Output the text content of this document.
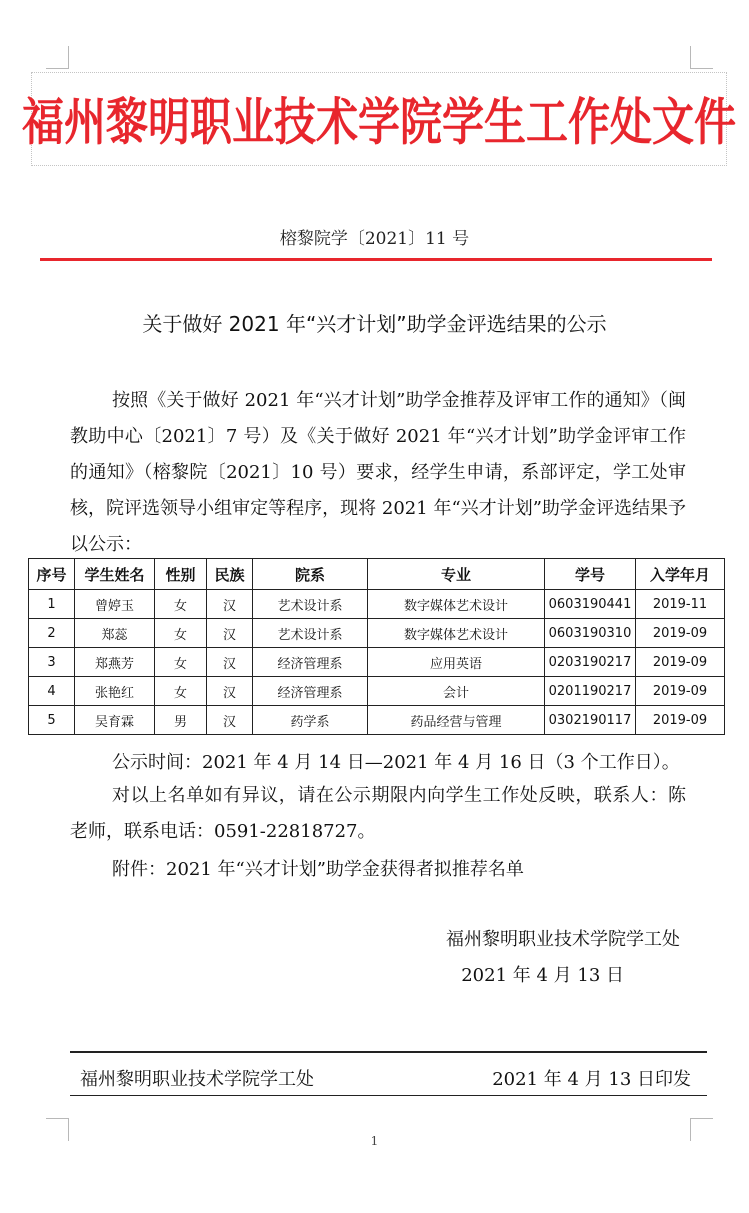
福州黎明职业技术学院学生工作处文件
榕黎院学〔2021〕11 号
关于做好 2021 年“兴才计划”助学金评选结果的公示

按照《关于做好 2021 年“兴才计划”助学金推荐及评审工作的通知》（闽教助中心〔2021〕7 号）及《关于做好 2021 年“兴才计划”助学金评审工作的通知》（榕黎院〔2021〕10 号）要求，经学生申请，系部评定，学工处审核，院评选领导小组审定等程序，现将 2021 年“兴才计划”助学金评选结果予以公示：

序号	学生姓名	性别	民族	院系	专业	学号	入学年月
1	曾婷玉	女	汉	艺术设计系	数字媒体艺术设计	0603190441	2019-11
2	郑蕊	女	汉	艺术设计系	数字媒体艺术设计	0603190310	2019-09
3	郑燕芳	女	汉	经济管理系	应用英语	0203190217	2019-09
4	张艳红	女	汉	经济管理系	会计	0201190217	2019-09
5	吴育霖	男	汉	药学系	药品经营与管理	0302190117	2019-09

公示时间：2021 年 4 月 14 日—2021 年 4 月 16 日（3 个工作日）。

对以上名单如有异议，请在公示期限内向学生工作处反映，联系人：陈老师，联系电话：0591-22818727。

附件：2021 年“兴才计划”助学金获得者拟推荐名单

福州黎明职业技术学院学工处
2021 年 4 月 13 日
福州黎明职业技术学院学工处	2021 年 4 月 13 日印发
1
